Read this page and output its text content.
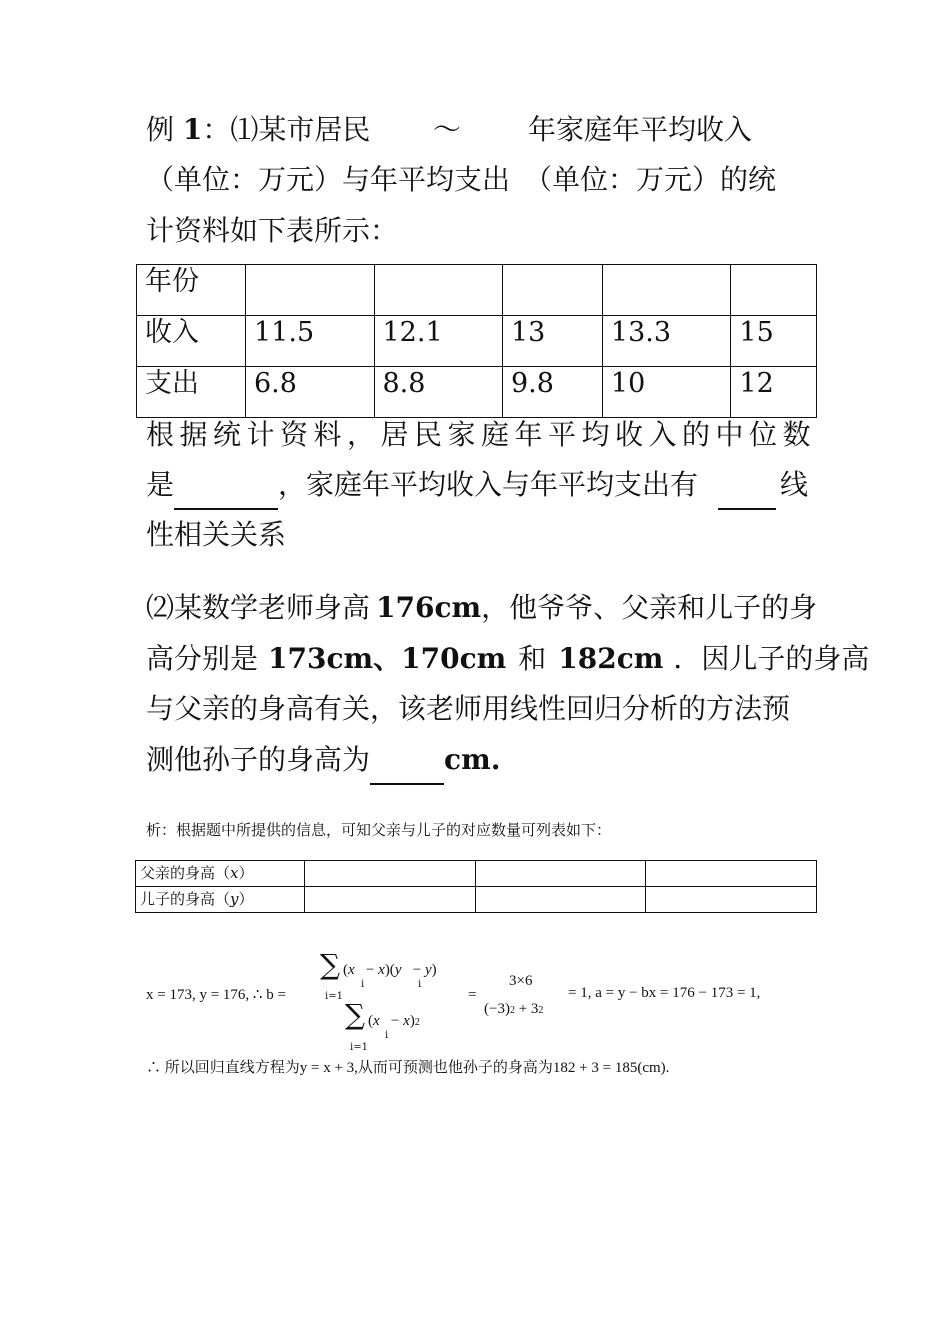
例 1：⑴某市居民 ～ 年家庭年平均收入
（单位：万元）与年平均支出　（单位：万元）的统
计资料如下表所示：
年份					
收入	11.5	12.1	13	13.3	15
支出	6.8	8.8	9.8	10	12
根据统计资料，居民家庭年平均收入的中位数
是	，家庭年平均收入与年平均支出有	线
性相关关系
⑵某数学老师身高 176cm，他爷爷、父亲和儿子的身
高分别是 173cm、170cm 和 182cm ．因儿子的身高
与父亲的身高有关，该老师用线性回归分析的方法预
测他孙子的身高为	cm.
析：根据题中所提供的信息，可知父亲与儿子的对应数量可列表如下：
父亲的身高（x）			
儿子的身高（y）			
x = 173, y = 176, ∴ b =
∑ (x   − x)(y   − y)
i=1
i	i
∑ (x   − x)2
i=1
i
=
3×6
(−3)2 + 32
= 1, a = y − bx = 176 − 173 = 1,
∴ 所以回归直线方程为y = x + 3,从而可预测也他孙子的身高为182 + 3 = 185(cm).
